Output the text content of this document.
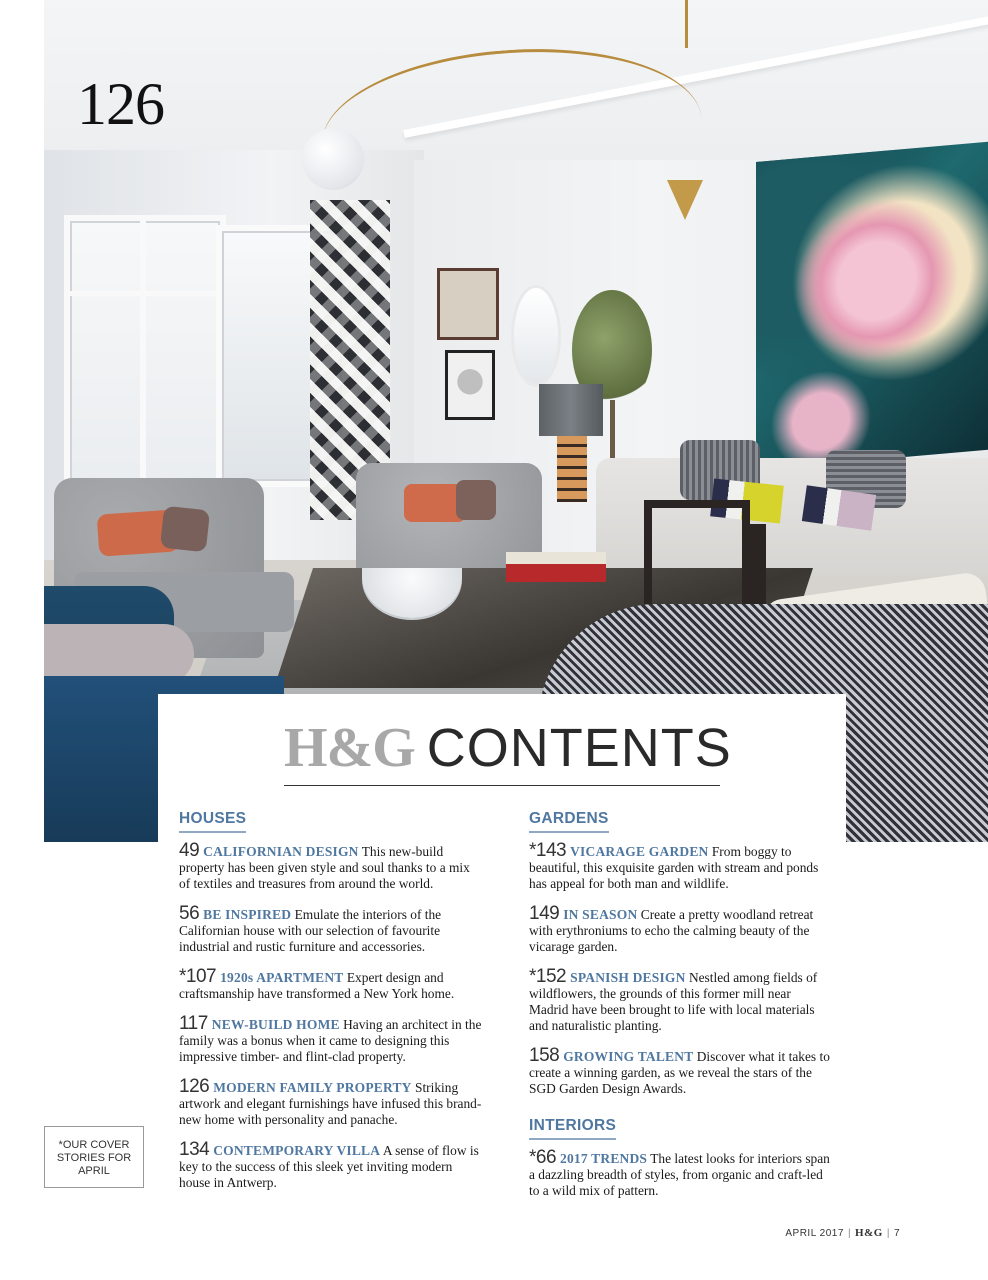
126
H&G CONTENTS
HOUSES
49 CALIFORNIAN DESIGN This new-build property has been given style and soul thanks to a mix of textiles and treasures from around the world.
56 BE INSPIRED Emulate the interiors of the Californian house with our selection of favourite industrial and rustic furniture and accessories.
*107 1920s APARTMENT Expert design and craftsmanship have transformed a New York home.
117 NEW-BUILD HOME Having an architect in the family was a bonus when it came to designing this impressive timber- and flint-clad property.
126 MODERN FAMILY PROPERTY Striking artwork and elegant furnishings have infused this brand-new home with personality and panache.
134 CONTEMPORARY VILLA A sense of flow is key to the success of this sleek yet inviting modern house in Antwerp.
GARDENS
*143 VICARAGE GARDEN From boggy to beautiful, this exquisite garden with stream and ponds has appeal for both man and wildlife.
149 IN SEASON Create a pretty woodland retreat with erythroniums to echo the calming beauty of the vicarage garden.
*152 SPANISH DESIGN Nestled among fields of wildflowers, the grounds of this former mill near Madrid have been brought to life with local materials and naturalistic planting.
158 GROWING TALENT Discover what it takes to create a winning garden, as we reveal the stars of the SGD Garden Design Awards.
INTERIORS
*66 2017 TRENDS The latest looks for interiors span a dazzling breadth of styles, from organic and craft-led to a wild mix of pattern.
*OUR COVER
STORIES FOR
APRIL
APRIL 2017 | H&G | 7
